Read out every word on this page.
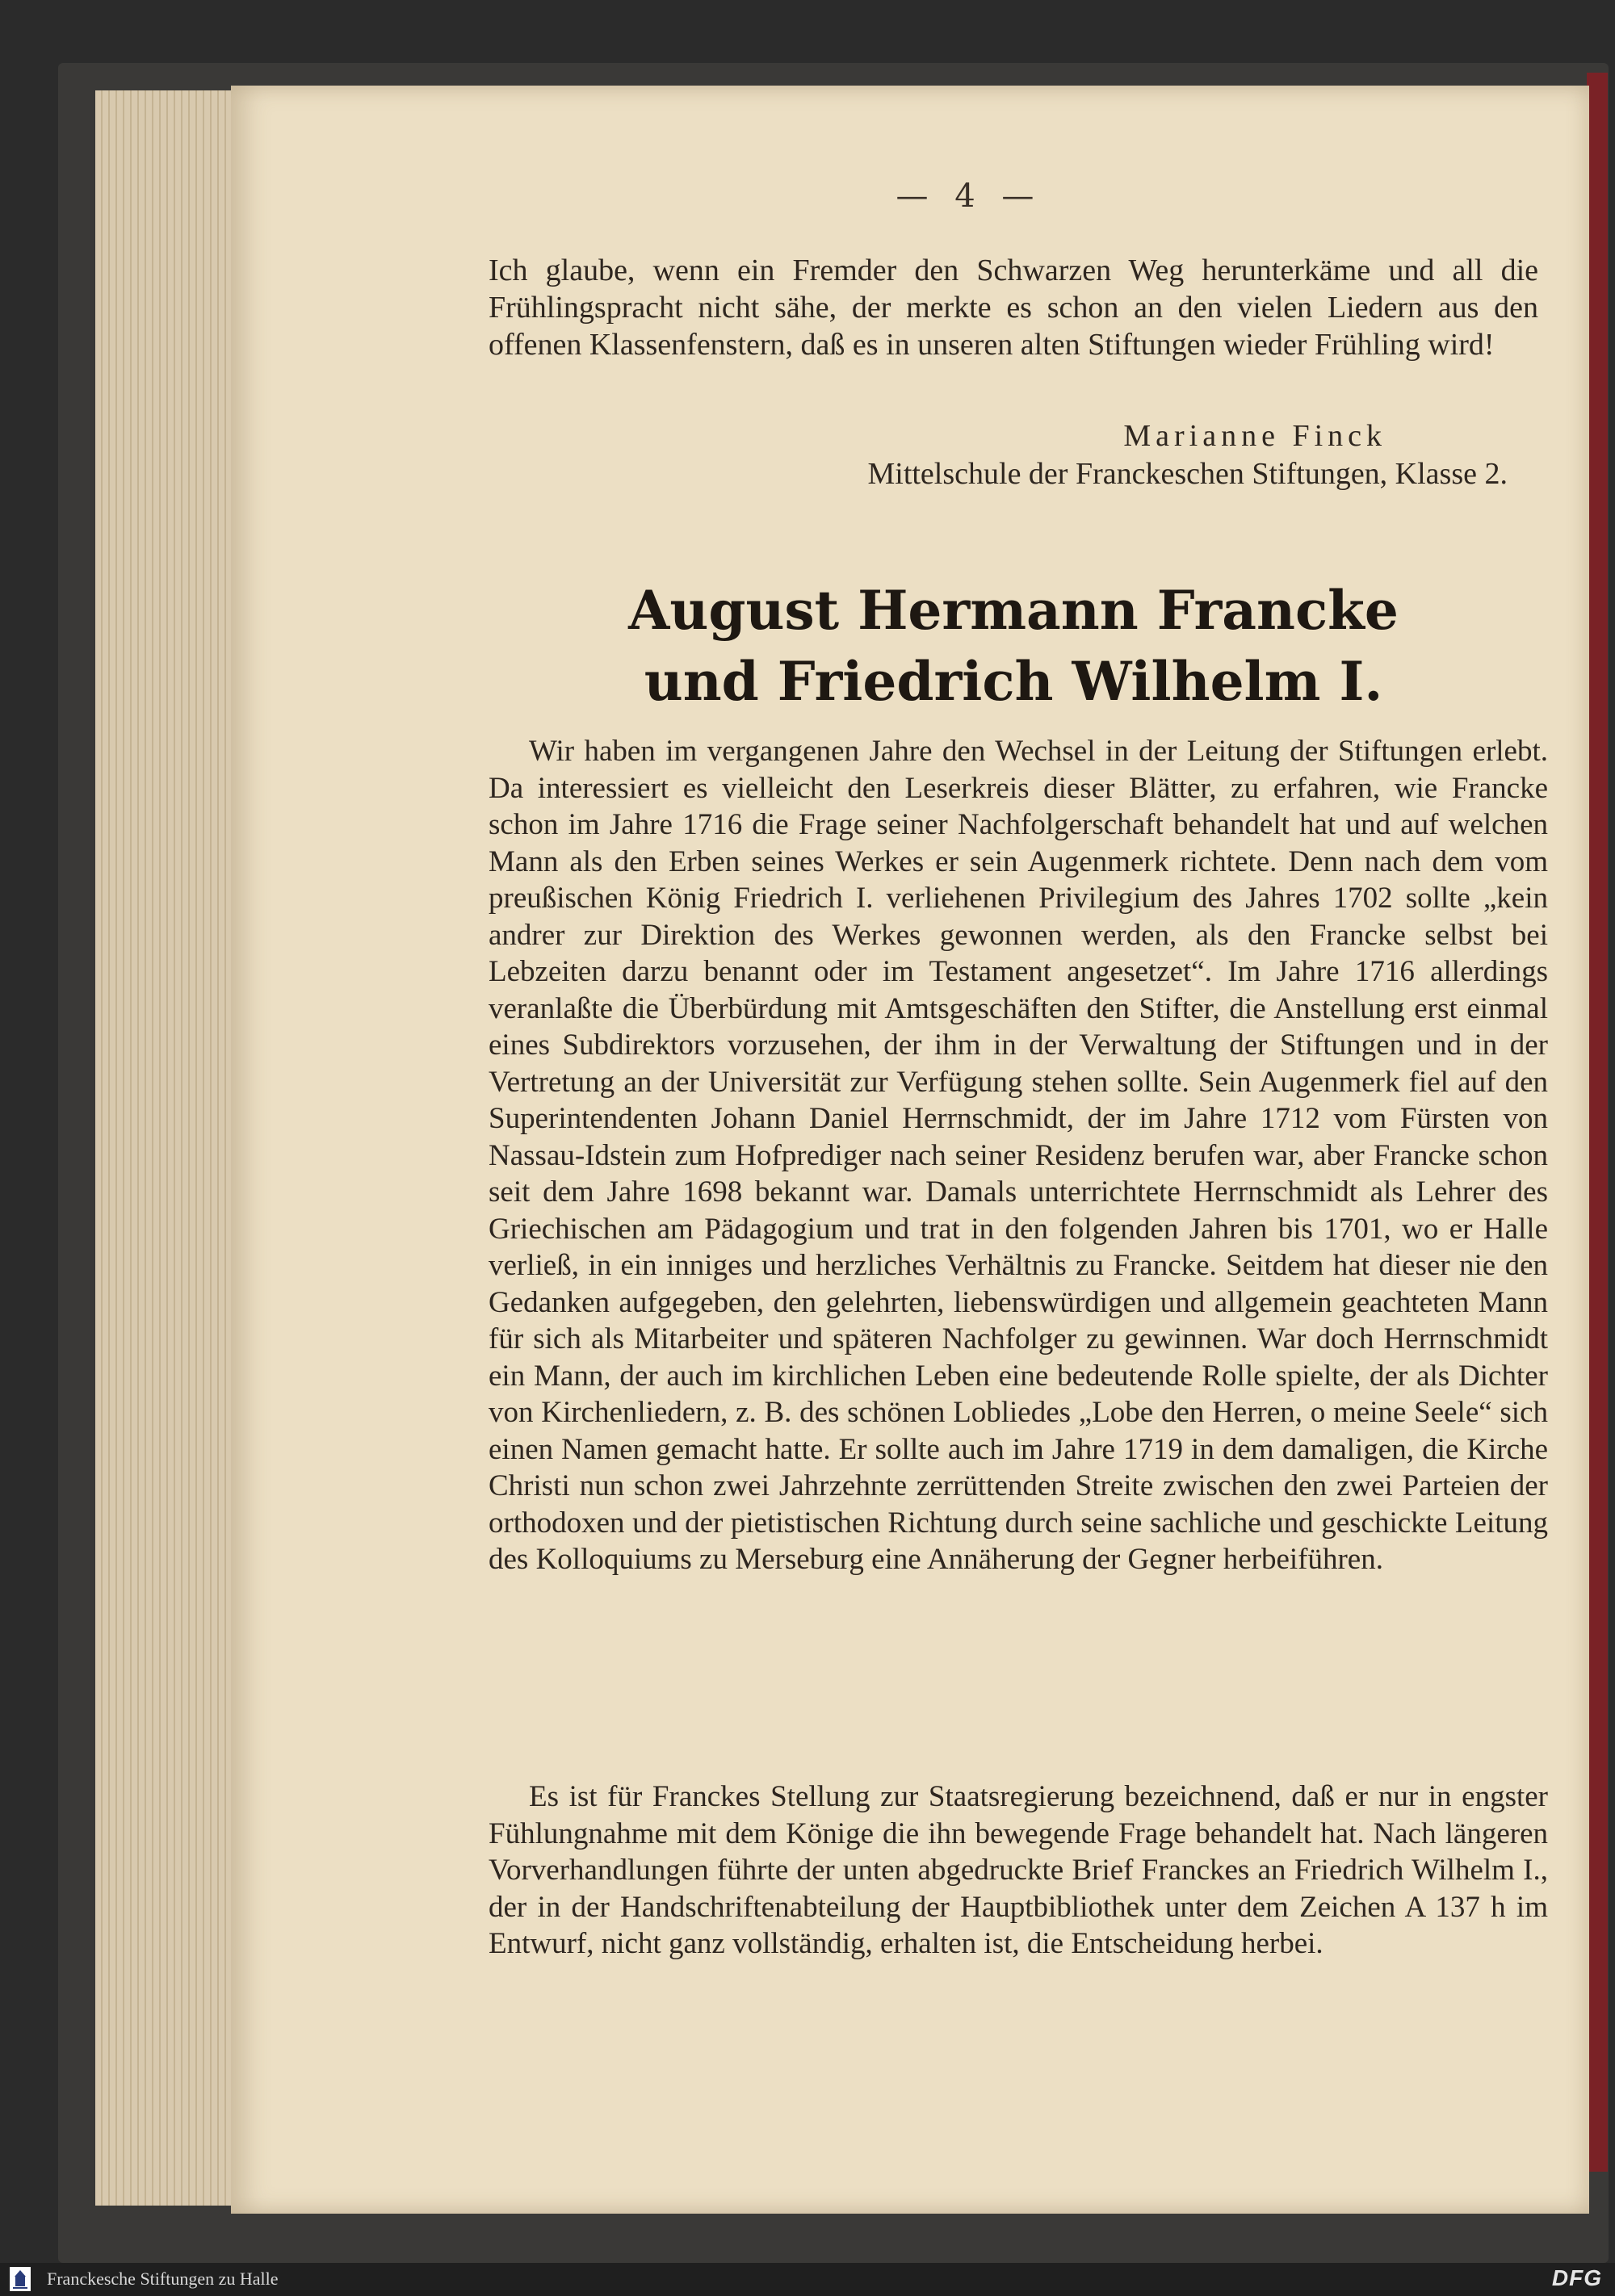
— 4 —
Ich glaube, wenn ein Fremder den Schwarzen Weg herunterkäme und all die Frühlingspracht nicht sähe, der merkte es schon an den vielen Liedern aus den offenen Klassenfenstern, daß es in unseren alten Stiftungen wieder Frühling wird!
Marianne Finck
Mittelschule der Franckeschen Stiftungen, Klasse 2.
August Hermann Francke
und Friedrich Wilhelm I.
Wir haben im vergangenen Jahre den Wechsel in der Leitung der Stiftungen erlebt. Da interessiert es vielleicht den Leserkreis dieser Blätter, zu erfahren, wie Francke schon im Jahre 1716 die Frage seiner Nachfolgerschaft behandelt hat und auf welchen Mann als den Erben seines Werkes er sein Augenmerk richtete. Denn nach dem vom preußischen König Friedrich I. verliehenen Privilegium des Jahres 1702 sollte „kein andrer zur Direktion des Werkes gewonnen werden, als den Francke selbst bei Lebzeiten darzu benannt oder im Testament angesetzet“. Im Jahre 1716 allerdings veranlaßte die Überbürdung mit Amtsgeschäften den Stifter, die Anstellung erst einmal eines Subdirektors vorzusehen, der ihm in der Verwaltung der Stiftungen und in der Vertretung an der Universität zur Verfügung stehen sollte. Sein Augenmerk fiel auf den Superintendenten Johann Daniel Herrnschmidt, der im Jahre 1712 vom Fürsten von Nassau-Idstein zum Hofprediger nach seiner Residenz berufen war, aber Francke schon seit dem Jahre 1698 bekannt war. Damals unterrichtete Herrnschmidt als Lehrer des Griechischen am Pädagogium und trat in den folgenden Jahren bis 1701, wo er Halle verließ, in ein inniges und herzliches Verhältnis zu Francke. Seitdem hat dieser nie den Gedanken aufgegeben, den gelehrten, liebenswürdigen und allgemein geachteten Mann für sich als Mitarbeiter und späteren Nachfolger zu gewinnen. War doch Herrnschmidt ein Mann, der auch im kirchlichen Leben eine bedeutende Rolle spielte, der als Dichter von Kirchenliedern, z. B. des schönen Lobliedes „Lobe den Herren, o meine Seele“ sich einen Namen gemacht hatte. Er sollte auch im Jahre 1719 in dem damaligen, die Kirche Christi nun schon zwei Jahrzehnte zerrüttenden Streite zwischen den zwei Parteien der orthodoxen und der pietistischen Richtung durch seine sachliche und geschickte Leitung des Kolloquiums zu Merseburg eine Annäherung der Gegner herbeiführen.
Es ist für Franckes Stellung zur Staatsregierung bezeichnend, daß er nur in engster Fühlungnahme mit dem Könige die ihn bewegende Frage behandelt hat. Nach längeren Vorverhandlungen führte der unten abgedruckte Brief Franckes an Friedrich Wilhelm I., der in der Handschriftenabteilung der Hauptbibliothek unter dem Zeichen A 137 h im Entwurf, nicht ganz vollständig, erhalten ist, die Entscheidung herbei.
Franckesche Stiftungen zu Halle	DFG
